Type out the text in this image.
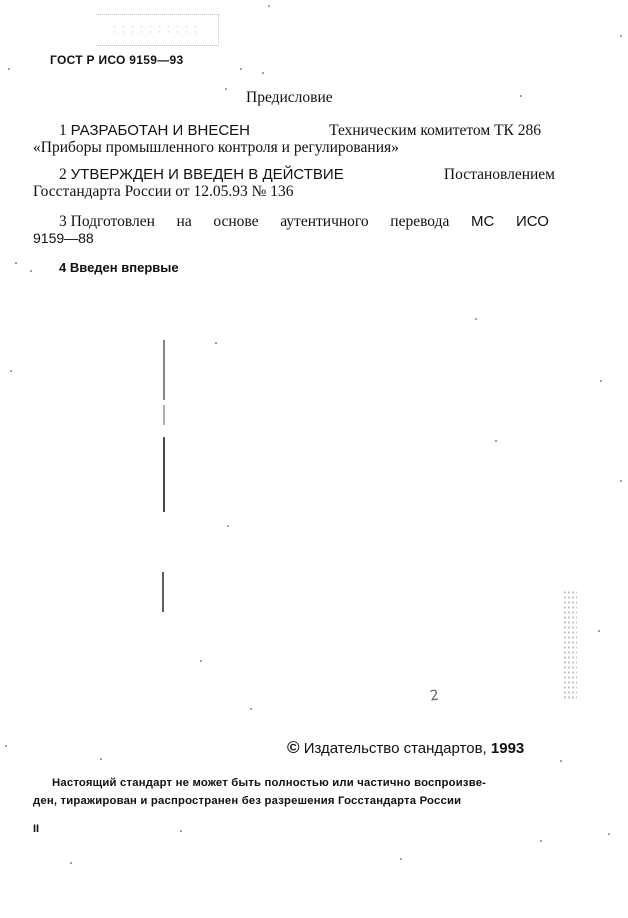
ГОСТ Р ИСО 9159—93
Предисловие
1 РАЗРАБОТАН И ВНЕСЕН	Техническим комитетом ТК 286
«Приборы промышленного контроля и регулирования»
2 УТВЕРЖДЕН И ВВЕДЕН В ДЕЙСТВИЕ	Постановлением
Госстандарта России от 12.05.93 № 136
3 Подготовлен на основе аутентичного перевода МС ИСО
9159—88
4 Введен впервые
2
© Издательство стандартов, 1993
Настоящий стандарт не может быть полностью или частично воспроизве-
ден, тиражирован и распространен без разрешения Госстандарта России
II
